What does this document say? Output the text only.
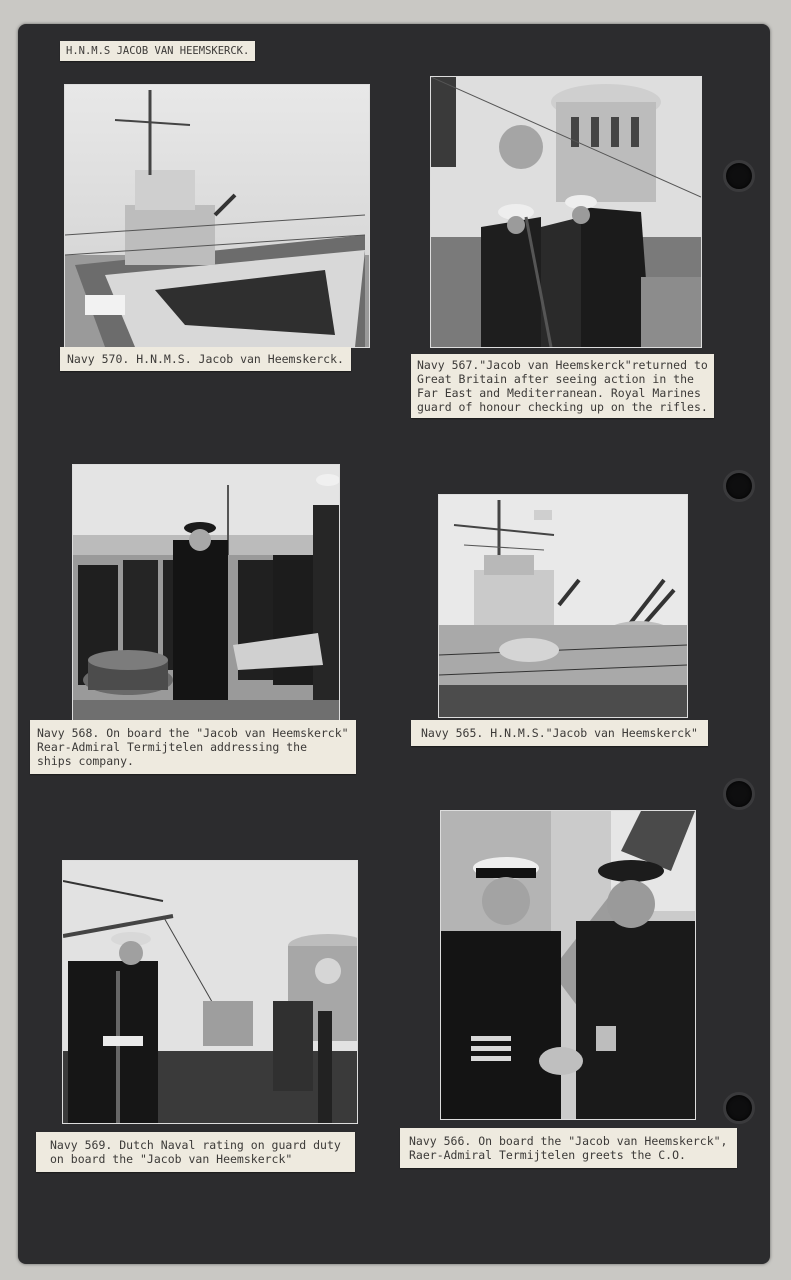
H.N.M.S JACOB VAN HEEMSKERCK.
Navy 570. H.N.M.S. Jacob van Heemskerck.	Navy 567."Jacob van Heemskerck"returned to
Great Britain after seeing action in the
Far East and Mediterranean. Royal Marines
guard of honour checking up on the rifles.
Navy 568. On board the "Jacob van Heemskerck"
Rear-Admiral Termijtelen addressing the
ships company.
Navy 565. H.N.M.S."Jacob van Heemskerck"
Navy 569. Dutch Naval rating on guard duty
on board the "Jacob van Heemskerck"
Navy 566. On board the "Jacob van Heemskerck",
Raer-Admiral Termijtelen greets the C.O.
